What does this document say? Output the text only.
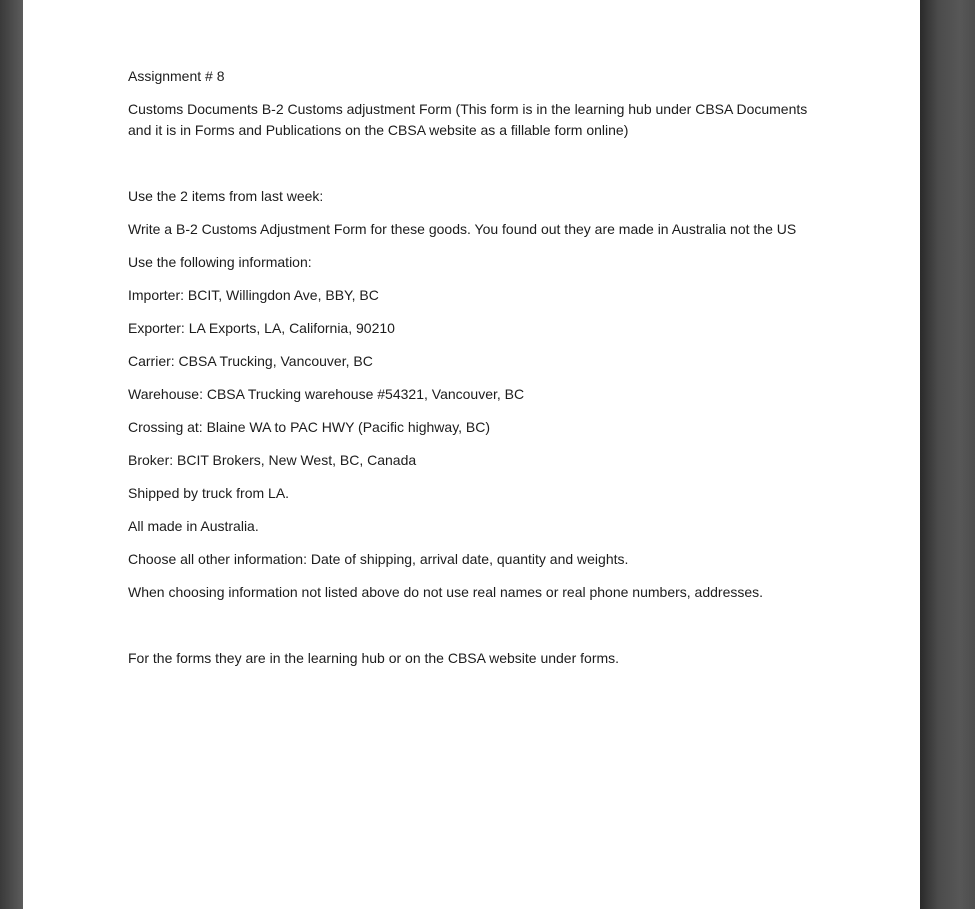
Assignment # 8

Customs Documents B-2 Customs adjustment Form (This form is in the learning hub under CBSA Documents and it is in Forms and Publications on the CBSA website as a fillable form online)

Use the 2 items from last week:

Write a B-2 Customs Adjustment Form for these goods. You found out they are made in Australia not the US

Use the following information:

Importer: BCIT, Willingdon Ave, BBY, BC

Exporter: LA Exports, LA, California, 90210

Carrier: CBSA Trucking, Vancouver, BC

Warehouse: CBSA Trucking warehouse #54321, Vancouver, BC

Crossing at: Blaine WA to PAC HWY (Pacific highway, BC)

Broker: BCIT Brokers, New West, BC, Canada

Shipped by truck from LA.

All made in Australia.

Choose all other information: Date of shipping, arrival date, quantity and weights.

When choosing information not listed above do not use real names or real phone numbers, addresses.

For the forms they are in the learning hub or on the CBSA website under forms.
